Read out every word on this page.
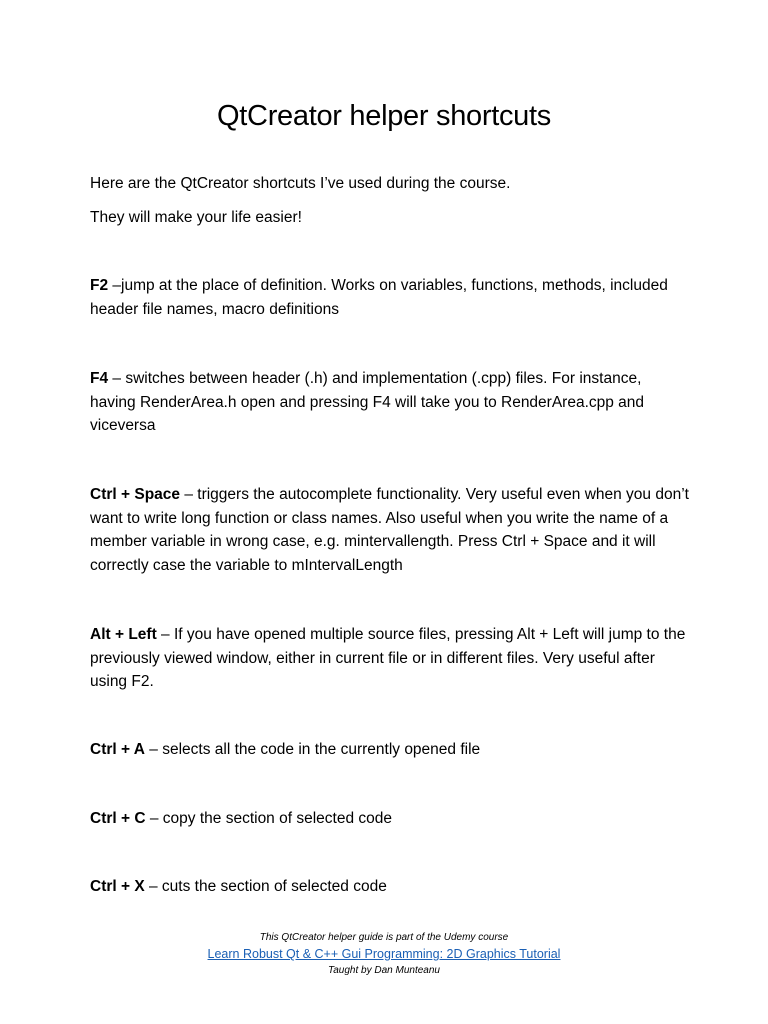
QtCreator helper shortcuts
Here are the QtCreator shortcuts I’ve used during the course.
They will make your life easier!
F2 –jump at the place of definition. Works on variables, functions, methods, included header file names, macro definitions
F4 – switches between header (.h) and implementation (.cpp) files. For instance, having RenderArea.h open and pressing F4 will take you to RenderArea.cpp and viceversa
Ctrl + Space – triggers the autocomplete functionality. Very useful even when you don’t want to write long function or class names. Also useful when you write the name of a member variable in wrong case, e.g. mintervallength. Press Ctrl + Space and it will correctly case the variable to mIntervalLength
Alt + Left – If you have opened multiple source files, pressing Alt + Left will jump to the previously viewed window, either in current file or in different files. Very useful after using F2.
Ctrl + A – selects all the code in the currently opened file
Ctrl + C – copy the section of selected code
Ctrl + X – cuts the section of selected code
This QtCreator helper guide is part of the Udemy course
Learn Robust Qt & C++ Gui Programming: 2D Graphics Tutorial
Taught by Dan Munteanu
